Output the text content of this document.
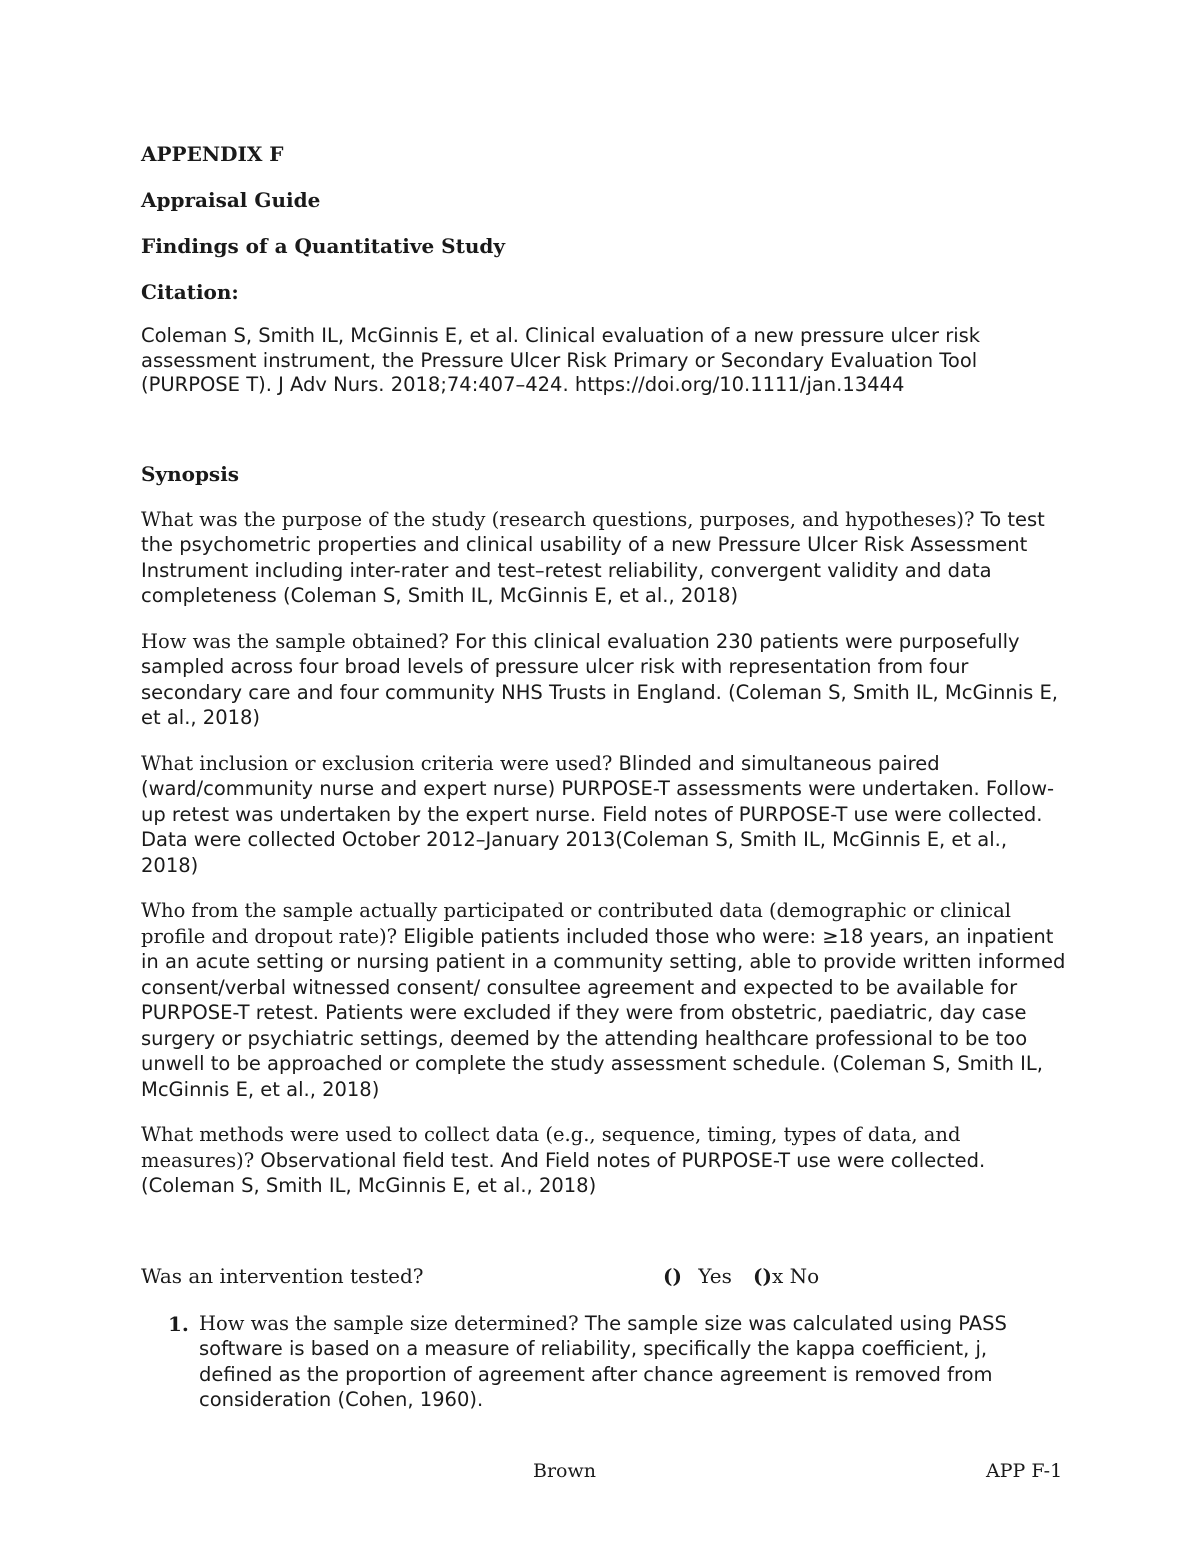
APPENDIX F
Appraisal Guide
Findings of a Quantitative Study
Citation:
Coleman S, Smith IL, McGinnis E, et al. Clinical evaluation of a new pressure ulcer risk assessment instrument, the Pressure Ulcer Risk Primary or Secondary Evaluation Tool (PURPOSE T). J Adv Nurs. 2018;74:407–424. https://doi.org/10.1111/jan.13444
Synopsis
What was the purpose of the study (research questions, purposes, and hypotheses)? To test the psychometric properties and clinical usability of a new Pressure Ulcer Risk Assessment Instrument including inter-rater and test–retest reliability, convergent validity and data completeness (Coleman S, Smith IL, McGinnis E, et al., 2018)
How was the sample obtained? For this clinical evaluation 230 patients were purposefully sampled across four broad levels of pressure ulcer risk with representation from four secondary care and four community NHS Trusts in England. (Coleman S, Smith IL, McGinnis E, et al., 2018)
What inclusion or exclusion criteria were used? Blinded and simultaneous paired (ward/community nurse and expert nurse) PURPOSE-T assessments were undertaken. Follow-up retest was undertaken by the expert nurse. Field notes of PURPOSE-T use were collected. Data were collected October 2012–January 2013(Coleman S, Smith IL, McGinnis E, et al., 2018)
Who from the sample actually participated or contributed data (demographic or clinical profile and dropout rate)? Eligible patients included those who were: ≥18 years, an inpatient in an acute setting or nursing patient in a community setting, able to provide written informed consent/verbal witnessed consent/ consultee agreement and expected to be available for PURPOSE-T retest. Patients were excluded if they were from obstetric, paediatric, day case surgery or psychiatric settings, deemed by the attending healthcare professional to be too unwell to be approached or complete the study assessment schedule. (Coleman S, Smith IL, McGinnis E, et al., 2018)
What methods were used to collect data (e.g., sequence, timing, types of data, and measures)? Observational field test. And Field notes of PURPOSE-T use were collected. (Coleman S, Smith IL, McGinnis E, et al., 2018)
Was an intervention tested?	() Yes ()x No
1. How was the sample size determined? The sample size was calculated using PASS software is based on a measure of reliability, specifically the kappa coefficient, j, defined as the proportion of agreement after chance agreement is removed from consideration (Cohen, 1960).
Brown	APP F-1
